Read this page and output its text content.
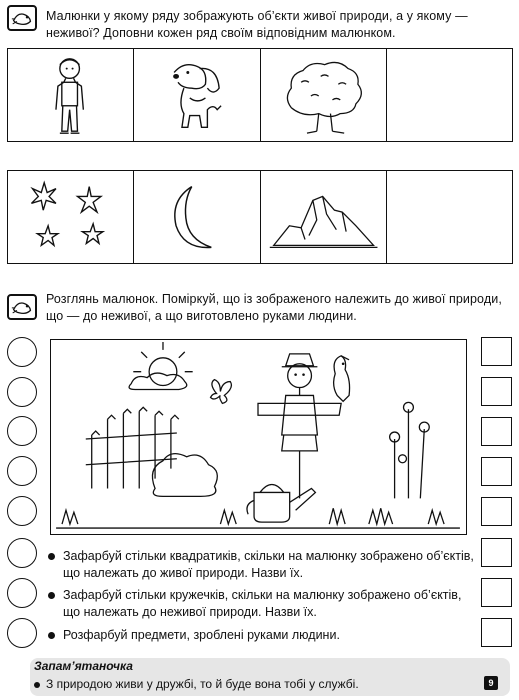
Малюнки у якому ряду зображують об’єкти живої природи, а у якому — неживої? Доповни кожен ряд своїм відповідним малюнком.
Розглянь малюнок. Поміркуй, що із зображеного належить до живої природи, що — до неживої, а що виготовлено руками людини.
Зафарбуй стільки квадратиків, скільки на малюнку зображено об’єктів, що належать до живої природи. Назви їх.
Зафарбуй стільки кружечків, скільки на малюнку зображено об’єктів, що належать до неживої природи. Назви їх.
Розфарбуй предмети, зроблені руками людини.
Запам’ятаночка
З природою живи у дружбі, то й буде вона тобі у службі.	9
